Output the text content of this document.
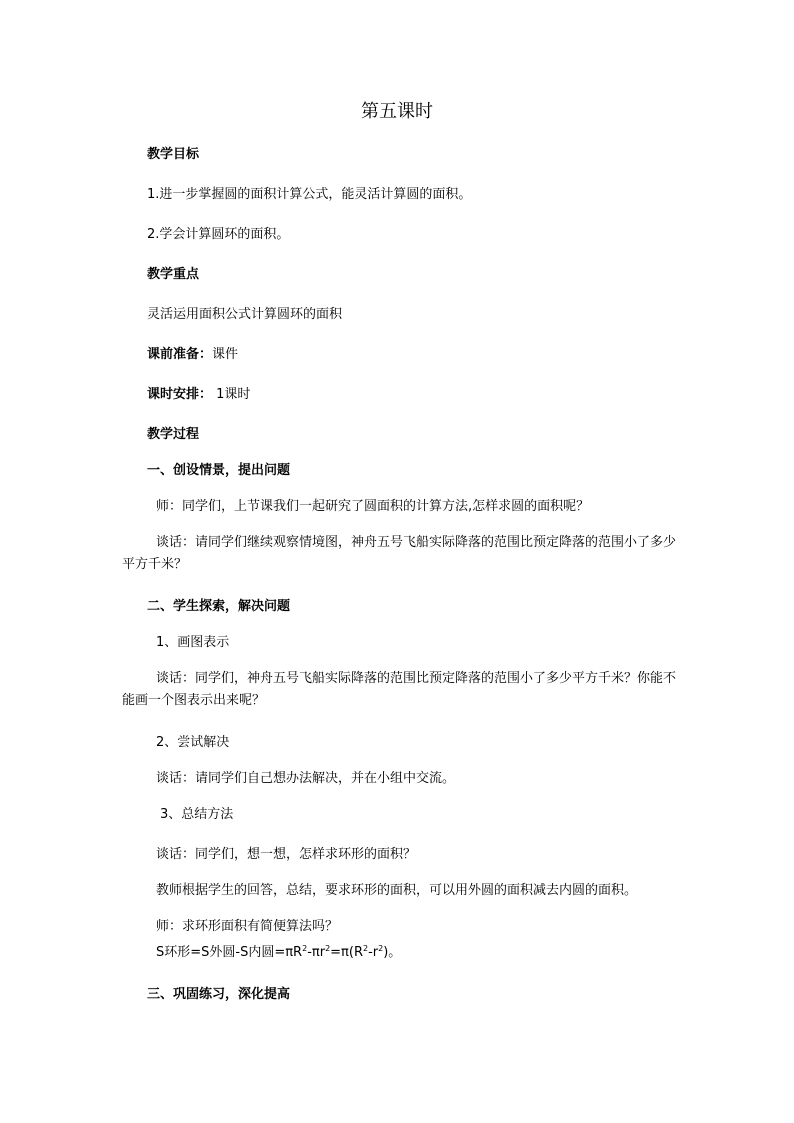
第五课时
教学目标
1.进一步掌握圆的面积计算公式，能灵活计算圆的面积。
2.学会计算圆环的面积。
教学重点
灵活运用面积公式计算圆环的面积
课前准备：课件
课时安排： 1课时
教学过程
一、创设情景，提出问题
师：同学们，上节课我们一起研究了圆面积的计算方法,怎样求圆的面积呢？
谈话：请同学们继续观察情境图，神舟五号飞船实际降落的范围比预定降落的范围小了多少平方千米？
二、学生探索，解决问题
1、画图表示
谈话：同学们，神舟五号飞船实际降落的范围比预定降落的范围小了多少平方千米？你能不能画一个图表示出来呢？
2、尝试解决
谈话：请同学们自己想办法解决，并在小组中交流。
3、总结方法
谈话：同学们，想一想，怎样求环形的面积？
教师根据学生的回答，总结，要求环形的面积，可以用外圆的面积减去内圆的面积。
师：求环形面积有简便算法吗？
S环形=S外圆-S内圆$=\pi R^2-\pi r^2=\pi(R^2-r^2)$。
三、巩固练习，深化提高
